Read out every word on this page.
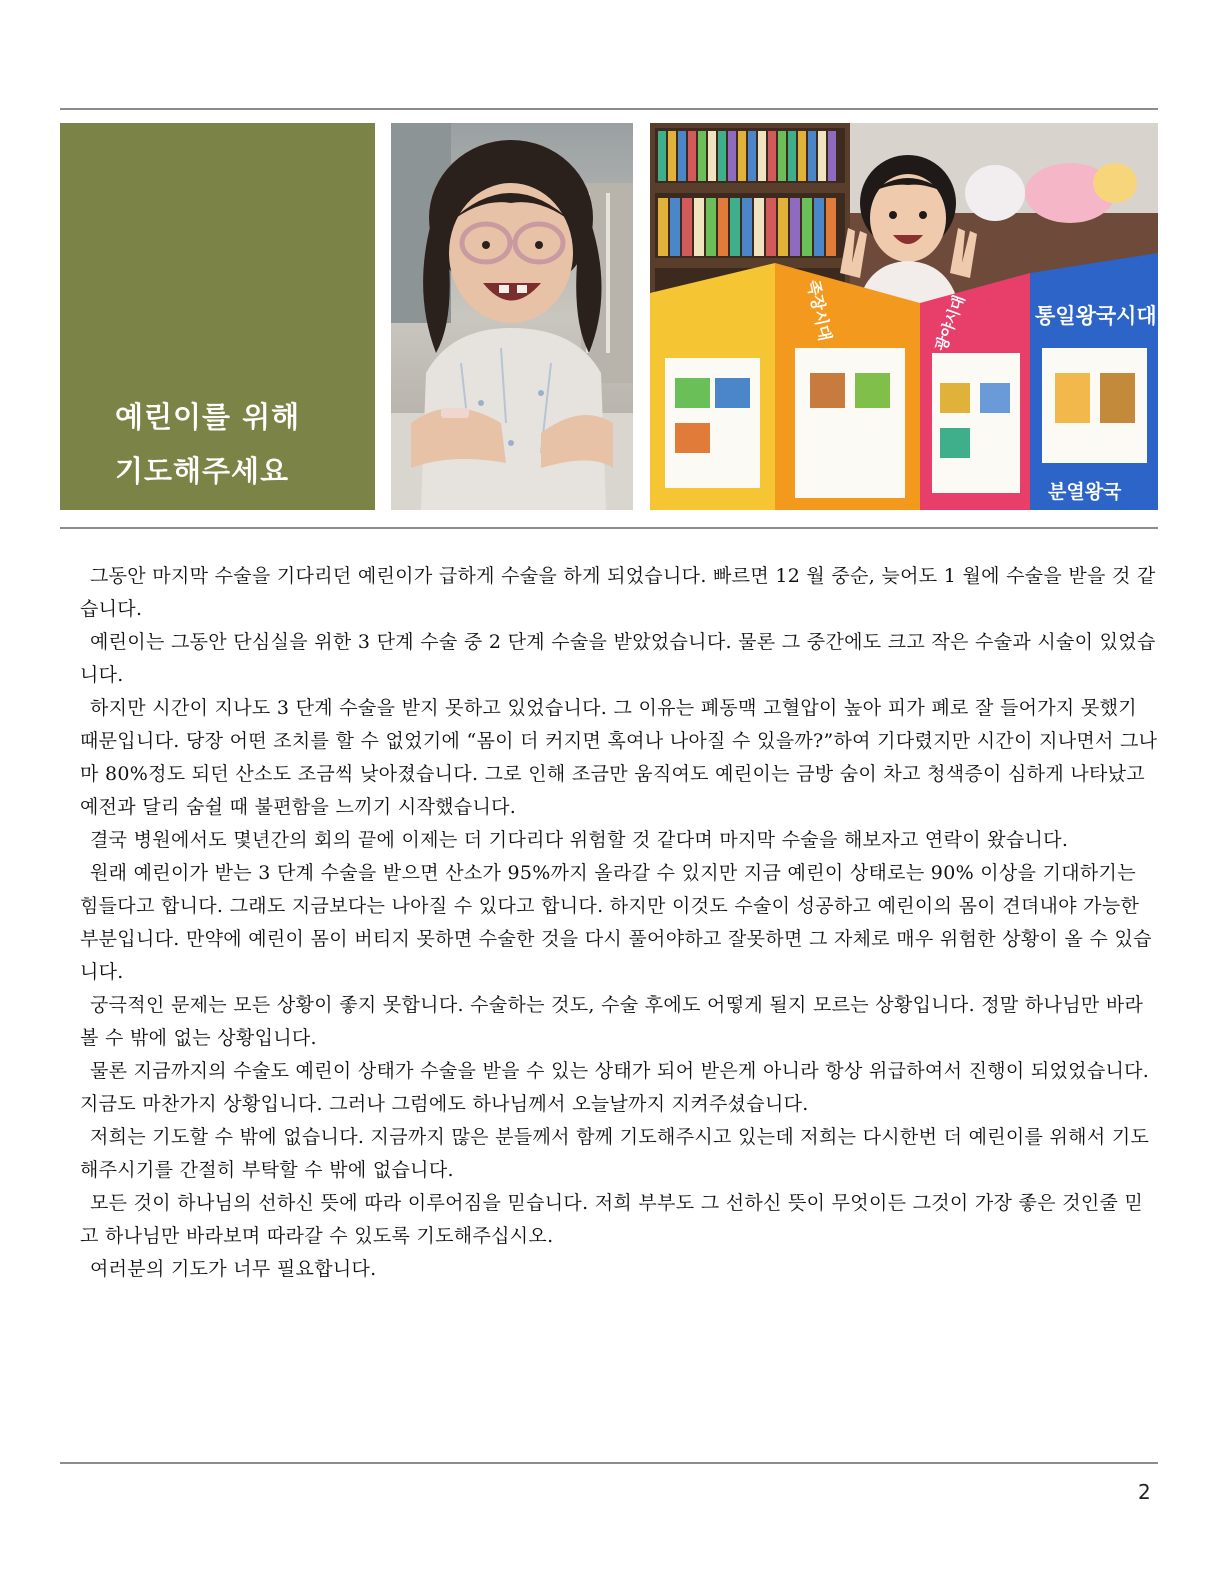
예린이를 위해
기도해주세요
통일왕국시대
광야시대
족장시대
분열왕국

그동안 마지막 수술을 기다리던 예린이가 급하게 수술을 하게 되었습니다. 빠르면 12 월 중순, 늦어도 1 월에 수술을 받을 것 같습니다.

예린이는 그동안 단심실을 위한 3 단계 수술 중 2 단계 수술을 받았었습니다. 물론 그 중간에도 크고 작은 수술과 시술이 있었습니다.

하지만 시간이 지나도 3 단계 수술을 받지 못하고 있었습니다. 그 이유는 폐동맥 고혈압이 높아 피가 폐로 잘 들어가지 못했기 때문입니다. 당장 어떤 조치를 할 수 없었기에 “몸이 더 커지면 혹여나 나아질 수 있을까?”하여 기다렸지만 시간이 지나면서 그나마 80%정도 되던 산소도 조금씩 낮아졌습니다. 그로 인해 조금만 움직여도 예린이는 금방 숨이 차고 청색증이 심하게 나타났고 예전과 달리 숨쉴 때 불편함을 느끼기 시작했습니다.

결국 병원에서도 몇년간의 회의 끝에 이제는 더 기다리다 위험할 것 같다며 마지막 수술을 해보자고 연락이 왔습니다.

원래 예린이가 받는 3 단계 수술을 받으면 산소가 95%까지 올라갈 수 있지만 지금 예린이 상태로는 90% 이상을 기대하기는 힘들다고 합니다. 그래도 지금보다는 나아질 수 있다고 합니다. 하지만 이것도 수술이 성공하고 예린이의 몸이 견뎌내야 가능한 부분입니다. 만약에 예린이 몸이 버티지 못하면 수술한 것을 다시 풀어야하고 잘못하면 그 자체로 매우 위험한 상황이 올 수 있습니다.

궁극적인 문제는 모든 상황이 좋지 못합니다. 수술하는 것도, 수술 후에도 어떻게 될지 모르는 상황입니다. 정말 하나님만 바라볼 수 밖에 없는 상황입니다.

물론 지금까지의 수술도 예린이 상태가 수술을 받을 수 있는 상태가 되어 받은게 아니라 항상 위급하여서 진행이 되었었습니다. 지금도 마찬가지 상황입니다. 그러나 그럼에도 하나님께서 오늘날까지 지켜주셨습니다.

저희는 기도할 수 밖에 없습니다. 지금까지 많은 분들께서 함께 기도해주시고 있는데 저희는 다시한번 더 예린이를 위해서 기도해주시기를 간절히 부탁할 수 밖에 없습니다.

모든 것이 하나님의 선하신 뜻에 따라 이루어짐을 믿습니다. 저희 부부도 그 선하신 뜻이 무엇이든 그것이 가장 좋은 것인줄 믿고 하나님만 바라보며 따라갈 수 있도록 기도해주십시오.

여러분의 기도가 너무 필요합니다.

2
